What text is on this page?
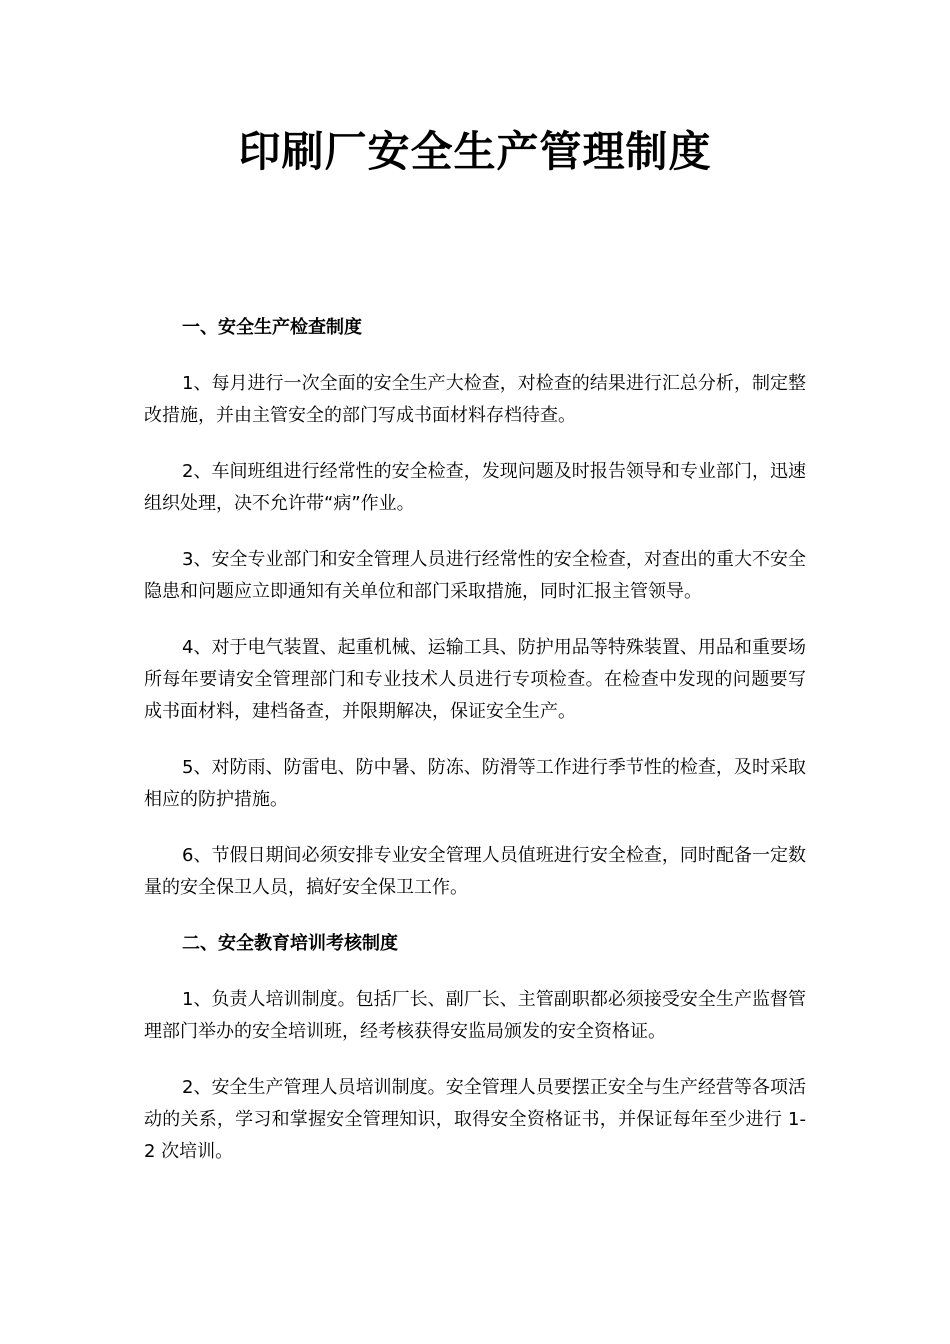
印刷厂安全生产管理制度

一、安全生产检查制度

1、每月进行一次全面的安全生产大检查，对检查的结果进行汇总分析，制定整改措施，并由主管安全的部门写成书面材料存档待查。

2、车间班组进行经常性的安全检查，发现问题及时报告领导和专业部门，迅速组织处理，决不允许带“病”作业。

3、安全专业部门和安全管理人员进行经常性的安全检查，对查出的重大不安全隐患和问题应立即通知有关单位和部门采取措施，同时汇报主管领导。

4、对于电气装置、起重机械、运输工具、防护用品等特殊装置、用品和重要场所每年要请安全管理部门和专业技术人员进行专项检查。在检查中发现的问题要写成书面材料，建档备查，并限期解决，保证安全生产。

5、对防雨、防雷电、防中暑、防冻、防滑等工作进行季节性的检查，及时采取相应的防护措施。

6、节假日期间必须安排专业安全管理人员值班进行安全检查，同时配备一定数量的安全保卫人员，搞好安全保卫工作。

二、安全教育培训考核制度

1、负责人培训制度。包括厂长、副厂长、主管副职都必须接受安全生产监督管理部门举办的安全培训班，经考核获得安监局颁发的安全资格证。

2、安全生产管理人员培训制度。安全管理人员要摆正安全与生产经营等各项活动的关系，学习和掌握安全管理知识，取得安全资格证书，并保证每年至少进行 1-2 次培训。
